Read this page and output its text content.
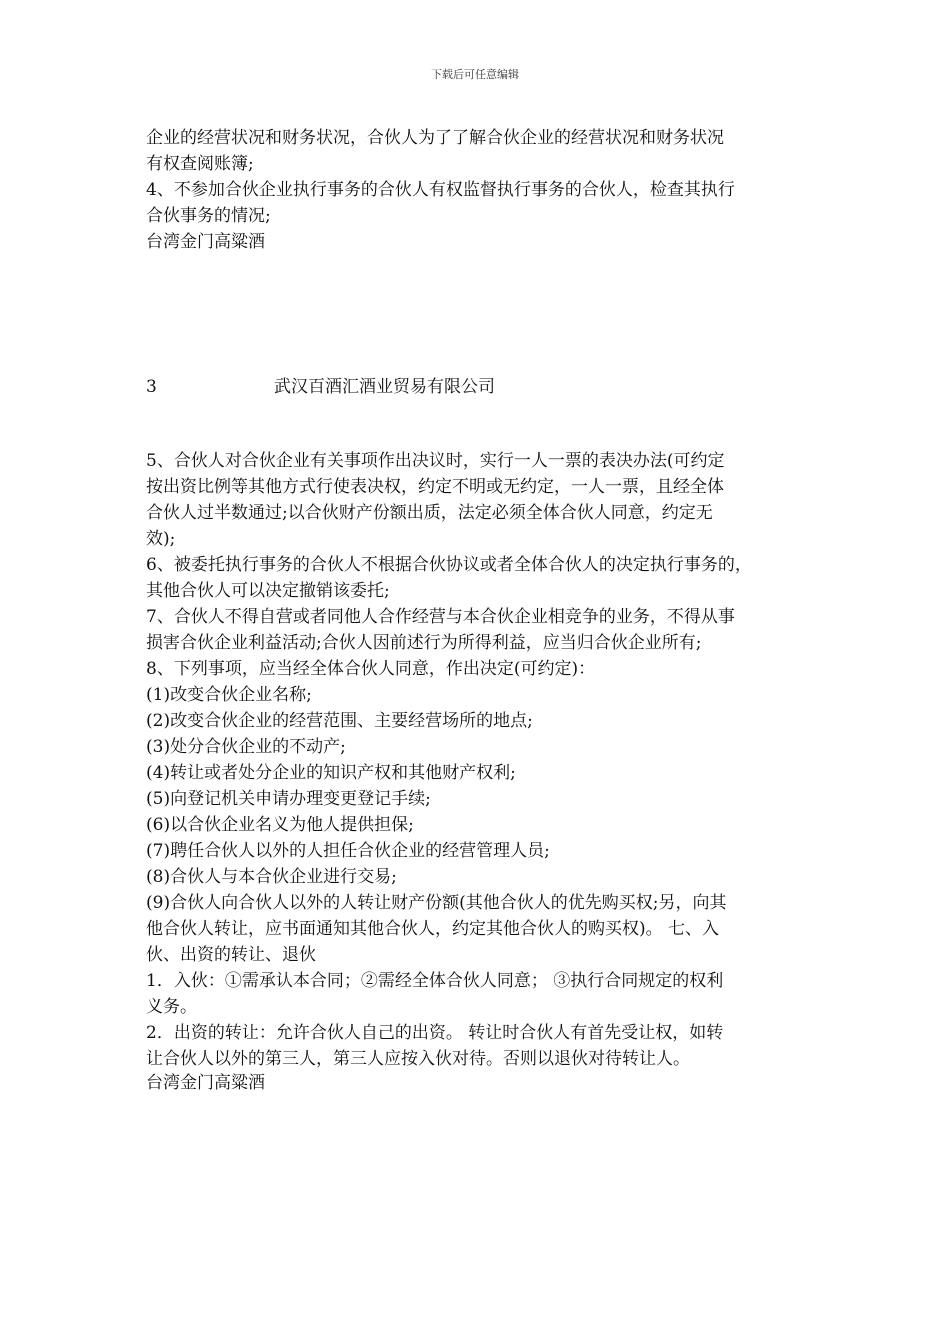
下载后可任意编辑
企业的经营状况和财务状况，合伙人为了了解合伙企业的经营状况和财务状况
有权查阅账簿;
4、不参加合伙企业执行事务的合伙人有权监督执行事务的合伙人，检查其执行
合伙事务的情况;
台湾金门高粱酒
3	武汉百酒汇酒业贸易有限公司
5、合伙人对合伙企业有关事项作出决议时，实行一人一票的表决办法(可约定
按出资比例等其他方式行使表决权，约定不明或无约定，一人一票，且经全体
合伙人过半数通过;以合伙财产份额出质，法定必须全体合伙人同意，约定无
效);
6、被委托执行事务的合伙人不根据合伙协议或者全体合伙人的决定执行事务的，
其他合伙人可以决定撤销该委托;
7、合伙人不得自营或者同他人合作经营与本合伙企业相竞争的业务，不得从事
损害合伙企业利益活动;合伙人因前述行为所得利益，应当归合伙企业所有;
8、下列事项，应当经全体合伙人同意，作出决定(可约定)：
(1)改变合伙企业名称;
(2)改变合伙企业的经营范围、主要经营场所的地点;
(3)处分合伙企业的不动产;
(4)转让或者处分企业的知识产权和其他财产权利;
(5)向登记机关申请办理变更登记手续;
(6)以合伙企业名义为他人提供担保;
(7)聘任合伙人以外的人担任合伙企业的经营管理人员;
(8)合伙人与本合伙企业进行交易;
(9)合伙人向合伙人以外的人转让财产份额(其他合伙人的优先购买权;另，向其
他合伙人转让，应书面通知其他合伙人，约定其他合伙人的购买权)。 七、入
伙、出资的转让、退伙
1．入伙：①需承认本合同；②需经全体合伙人同意； ③执行合同规定的权利
义务。
2．出资的转让：允许合伙人自己的出资。 转让时合伙人有首先受让权，如转
让合伙人以外的第三人，第三人应按入伙对待。否则以退伙对待转让人。
台湾金门高粱酒
